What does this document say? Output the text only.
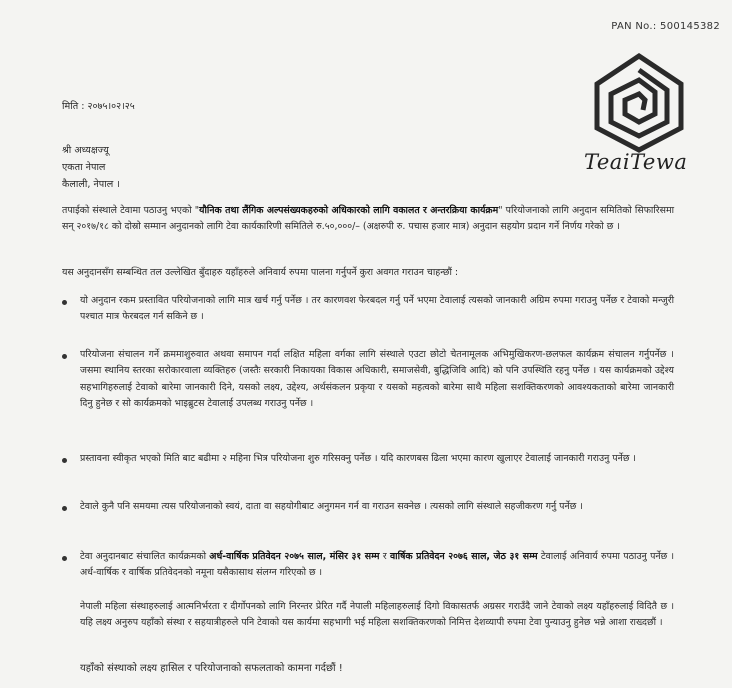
PAN No.: 500145382
TeaiTewa
मिति : २०७५।०२।२५
श्री अध्यक्षज्यू
एकता नेपाल
कैलाली, नेपाल ।
तपाईको संस्थाले टेवामा पठाउनु भएको "यौनिक तथा लैंगिक अल्पसंख्यकहरुको अधिकारको लागि वकालत र अन्तरक्रिया कार्यक्रम" परियोजनाको लागि अनुदान समितिको सिफारिसमा सन् २०१७/१८ को दोस्रो सम्मान अनुदानको लागि टेवा कार्यकारिणी समितिले रु.५०,०००/– (अक्षरुपी रु. पचास हजार मात्र) अनुदान सहयोग प्रदान गर्ने निर्णय गरेको छ ।
यस अनुदानसँग सम्बन्धित तल उल्लेखित बुँदाहरु यहाँहरुले अनिवार्य रुपमा पालना गर्नुपर्ने कुरा अवगत गराउन चाहन्छौं :
यो अनुदान रकम प्रस्तावित परियोजनाको लागि मात्र खर्च गर्नु पर्नेछ । तर कारणवश फेरबदल गर्नु पर्ने भएमा टेवालाई त्यसको जानकारी अग्रिम रुपमा गराउनु पर्नेछ र टेवाको मन्जुरी पश्चात मात्र फेरबदल गर्न सकिने छ ।
परियोजना संचालन गर्ने क्रममाशुरुवात अथवा समापन गर्दा लक्षित महिला वर्गका लागि संस्थाले एउटा छोटो चेतनामूलक अभिमुखिकरण-छलफल कार्यक्रम संचालन गर्नुपर्नेछ । जसमा स्थानिय स्तरका सरोकारवाला व्यक्तिहरु (जस्तैः सरकारी निकायका विकास अधिकारी, समाजसेवी, बुद्धिजिवि आदि) को पनि उपस्थिति रहनु पर्नेछ । यस कार्यक्रमको उद्देश्य सहभागिहरुलाई टेवाको बारेमा जानकारी दिने, यसको लक्ष्य, उद्देश्य, अर्थसंकलन प्रकृया र यसको महत्वको बारेमा साथै महिला सशक्तिकरणको आवश्यकताको बारेमा जानकारी दिनु हुनेछ र सो कार्यक्रमको भाइब्रुटस टेवालाई उपलब्ध गराउनु पर्नेछ ।
प्रस्तावना स्वीकृत भएको मिति बाट बढीमा २ महिना भित्र परियोजना शुरु गरिसक्नु पर्नेछ । यदि कारणबस ढिला भएमा कारण खुलाएर टेवालाई जानकारी गराउनु पर्नेछ ।
टेवाले कुनै पनि समयमा त्यस परियोजनाको स्वयं, दाता वा सहयोगीबाट अनुगमन गर्न वा गराउन सक्नेछ । त्यसको लागि संस्थाले सहजीकरण गर्नु पर्नेछ ।
टेवा अनुदानबाट संचालित कार्यक्रमको अर्ध-वार्षिक प्रतिवेदन २०७५ साल, मंसिर ३१ सम्म र वार्षिक प्रतिवेदन २०७६ साल, जेठ ३१ सम्म टेवालाई अनिवार्य रुपमा पठाउनु पर्नेछ । अर्ध-वार्षिक र वार्षिक प्रतिवेदनको नमूना यसैकासाथ संलग्न गरिएको छ ।
नेपाली महिला संस्थाहरुलाई आत्मनिर्भरता र दीर्गोपनको लागि निरन्तर प्रेरित गर्दै नेपाली महिलाहरुलाई दिगो विकासतर्फ अग्रसर गराउँदै जाने टेवाको लक्ष्य यहाँहरुलाई विदितै छ । यहि लक्ष्य अनुरुप यहाँको संस्था र सहयात्रीहरुले पनि टेवाको यस कार्यमा सहभागी भई महिला सशक्तिकरणको निमित्त देशव्यापी रुपमा टेवा पुन्याउनु हुनेछ भन्ने आशा राख्दछौं ।
यहाँको संस्थाको लक्ष्य हासिल र परियोजनाको सफलताको कामना गर्दछौं !
